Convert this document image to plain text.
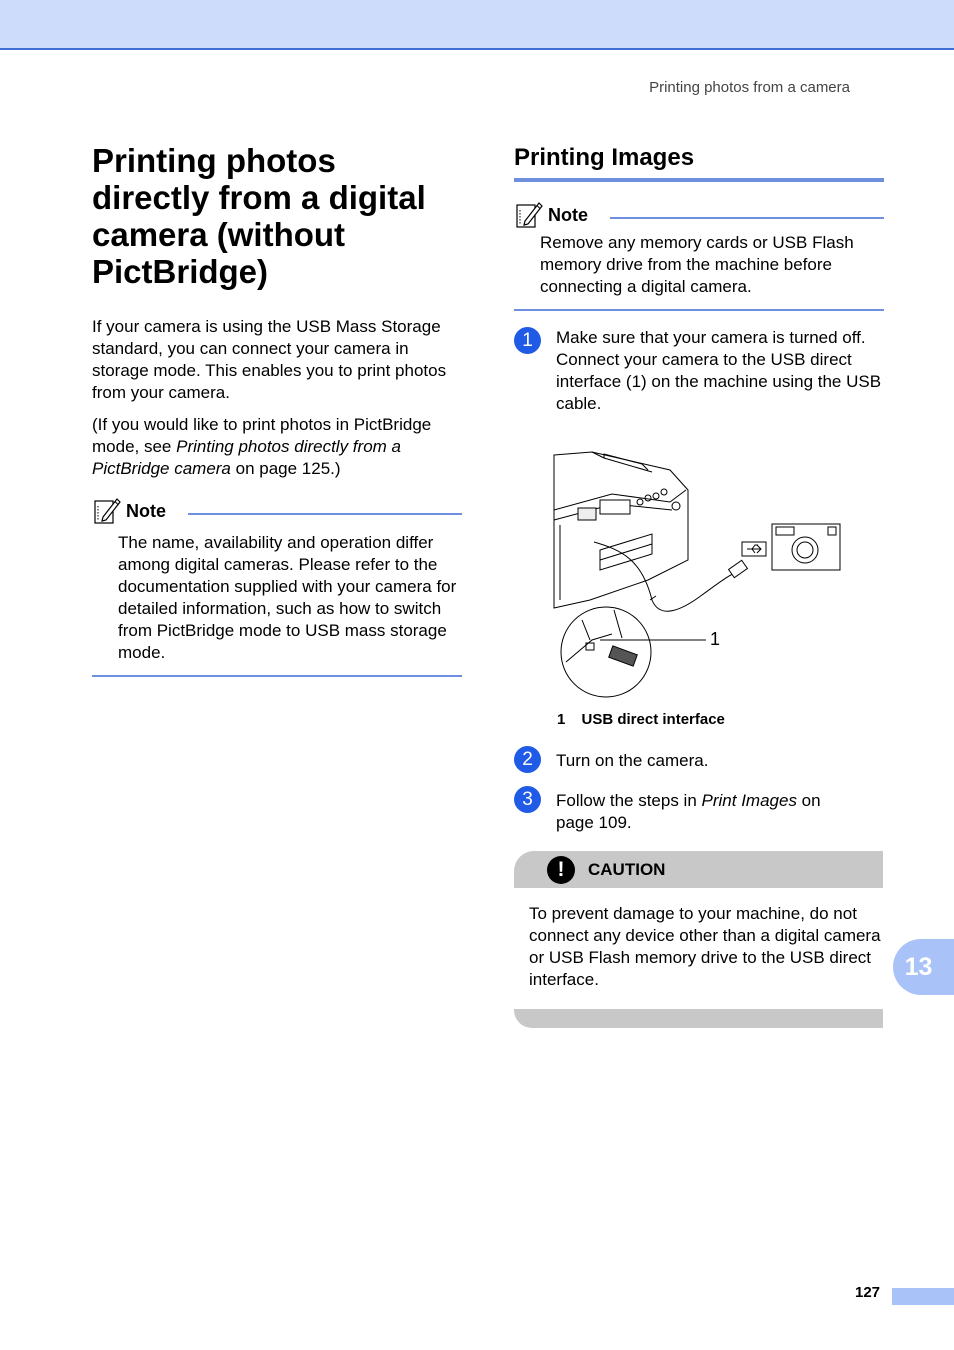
Printing photos from a camera
Printing photos directly from a digital camera (without PictBridge)

If your camera is using the USB Mass Storage standard, you can connect your camera in storage mode. This enables you to print photos from your camera.

(If you would like to print photos in PictBridge mode, see Printing photos directly from a PictBridge camera on page 125.)

Note
The name, availability and operation differ among digital cameras. Please refer to the documentation supplied with your camera for detailed information, such as how to switch from PictBridge mode to USB mass storage mode.
Printing Images
Note
Remove any memory cards or USB Flash memory drive from the machine before connecting a digital camera.
1	Make sure that your camera is turned off. Connect your camera to the USB direct interface (1) on the machine using the USB cable.
1
1 USB direct interface
2	Turn on the camera.
3	Follow the steps in Print Images on page 109.
!	CAUTION
To prevent damage to your machine, do not connect any device other than a digital camera or USB Flash memory drive to the USB direct interface.	13
127
